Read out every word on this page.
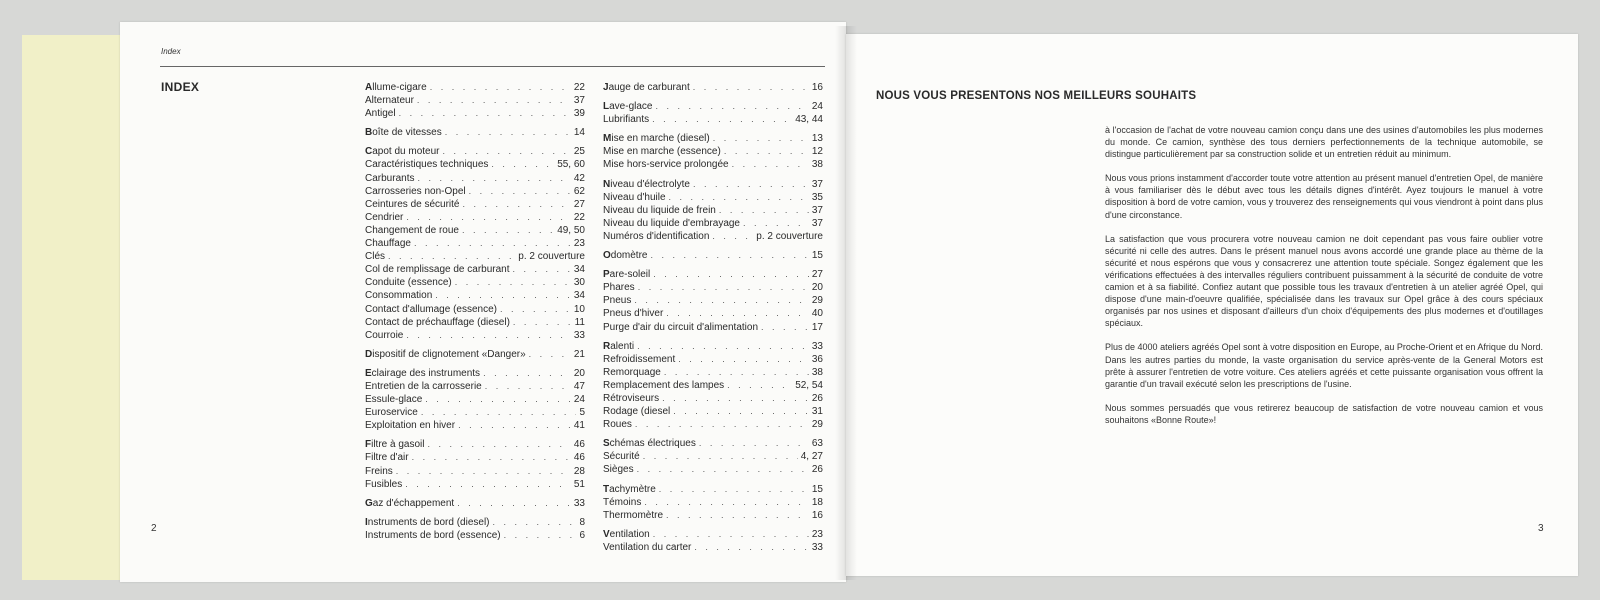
Index
INDEX	Allume-cigare . . .	22
Alternateur . . .	37
Antigel . . .	39
Boîte de vitesses . . .	14
Capot du moteur . . .	25
Caractéristiques techniques . . .	55, 60
Carburants . . .	42
Carrosseries non-Opel . . .	62
Ceintures de sécurité . . .	27
Cendrier . . .	22
Changement de roue . . .	49, 50
Chauffage . . .	23
Clés . . .	p. 2 couverture
Col de remplissage de carburant . . .	34
Conduite (essence) . . .	30
Consommation . . .	34
Contact d'allumage (essence) . . .	10
Contact de préchauffage (diesel) . . .	11
Courroie . . .	33
Dispositif de clignotement «Danger» . . .	21
Eclairage des instruments . . .	20
Entretien de la carrosserie . . .	47
Essule-glace . . .	24
Euroservice . . .	5
Exploitation en hiver . . .	41
Filtre à gasoil . . .	46
Filtre d'air . . .	46
Freins . . .	28
Fusibles . . .	51
Gaz d'échappement . . .	33
Instruments de bord (diesel) . . .	8
Instruments de bord (essence) . . .	6
Jauge de carburant . . .	16
Lave-glace . . .	24
Lubrifiants . . .	43, 44
Mise en marche (diesel) . . .	13
Mise en marche (essence) . . .	12
Mise hors-service prolongée . . .	38
Niveau d'électrolyte . . .	37
Niveau d'huile . . .	35
Niveau du liquide de frein . . .	37
Niveau du liquide d'embrayage . . .	37
Numéros d'identification . . .	p. 2 couverture
Odomètre . . .	15
Pare-soleil . . .	27
Phares . . .	20
Pneus . . .	29
Pneus d'hiver . . .	40
Purge d'air du circuit d'alimentation . . .	17
Ralenti . . .	33
Refroidissement . . .	36
Remorquage . . .	38
Remplacement des lampes . . .	52, 54
Rétroviseurs . . .	26
Rodage (diesel . . .	31
Roues . . .	29
Schémas électriques . . .	63
Sécurité . . .	4, 27
Sièges . . .	26
Tachymètre . . .	15
Témoins . . .	18
Thermomètre . . .	16
Ventilation . . .	23
Ventilation du carter . . .	33
2
NOUS VOUS PRESENTONS NOS MEILLEURS SOUHAITS

à l'occasion de l'achat de votre nouveau camion conçu dans une des usines d'automobiles les plus modernes du monde. Ce camion, synthèse des tous derniers perfectionnements de la technique automobile, se distingue particulièrement par sa construction solide et un entretien réduit au minimum.

Nous vous prions instamment d'accorder toute votre attention au présent manuel d'entretien Opel, de manière à vous familiariser dès le début avec tous les détails dignes d'intérêt. Ayez toujours le manuel à votre disposition à bord de votre camion, vous y trouverez des renseignements qui vous viendront à point dans plus d'une circonstance.

La satisfaction que vous procurera votre nouveau camion ne doit cependant pas vous faire oublier votre sécurité ni celle des autres. Dans le présent manuel nous avons accordé une grande place au thème de la sécurité et nous espérons que vous y consacrerez une attention toute spéciale. Songez également que les vérifications effectuées à des intervalles réguliers contribuent puissamment à la sécurité de conduite de votre camion et à sa fiabilité. Confiez autant que possible tous les travaux d'entretien à un atelier agréé Opel, qui dispose d'une main-d'oeuvre qualifiée, spécialisée dans les travaux sur Opel grâce à des cours spéciaux organisés par nos usines et disposant d'ailleurs d'un choix d'équipements des plus modernes et d'outillages spéciaux.

Plus de 4000 ateliers agréés Opel sont à votre disposition en Europe, au Proche-Orient et en Afrique du Nord. Dans les autres parties du monde, la vaste organisation du service après-vente de la General Motors est prête à assurer l'entretien de votre voiture. Ces ateliers agréés et cette puissante organisation vous offrent la garantie d'un travail exécuté selon les prescriptions de l'usine.

Nous sommes persuadés que vous retirerez beaucoup de satisfaction de votre nouveau camion et vous souhaitons «Bonne Route»!

3
